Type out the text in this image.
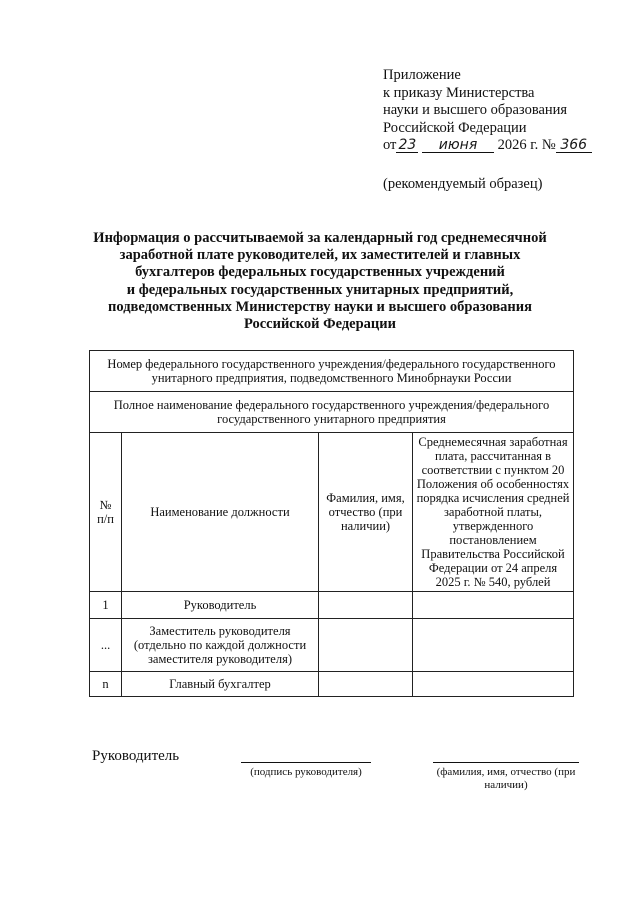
Приложение
к приказу Министерства
науки и высшего образования
Российской Федерации
от 23 июня 2026 г. № 366
(рекомендуемый образец)
Информация о рассчитываемой за календарный год среднемесячной
заработной плате руководителей, их заместителей и главных
бухгалтеров федеральных государственных учреждений
и федеральных государственных унитарных предприятий,
подведомственных Министерству науки и высшего образования
Российской Федерации
Номер федерального государственного учреждения/федерального государственного унитарного предприятия, подведомственного Минобрнауки России			
Полное наименование федерального государственного учреждения/федерального государственного унитарного предприятия			
№ п/п	Наименование должности	Фамилия, имя, отчество (при наличии)	Среднемесячная заработная плата, рассчитанная в соответствии с пунктом 20 Положения об особенностях порядка исчисления средней заработной платы, утвержденного постановлением Правительства Российской Федерации от 24 апреля 2025 г. № 540, рублей
1	Руководитель		
...	Заместитель руководителя (отдельно по каждой должности заместителя руководителя)		
n	Главный бухгалтер		
Руководитель
(подпись руководителя)	(фамилия, имя, отчество (при наличии)
